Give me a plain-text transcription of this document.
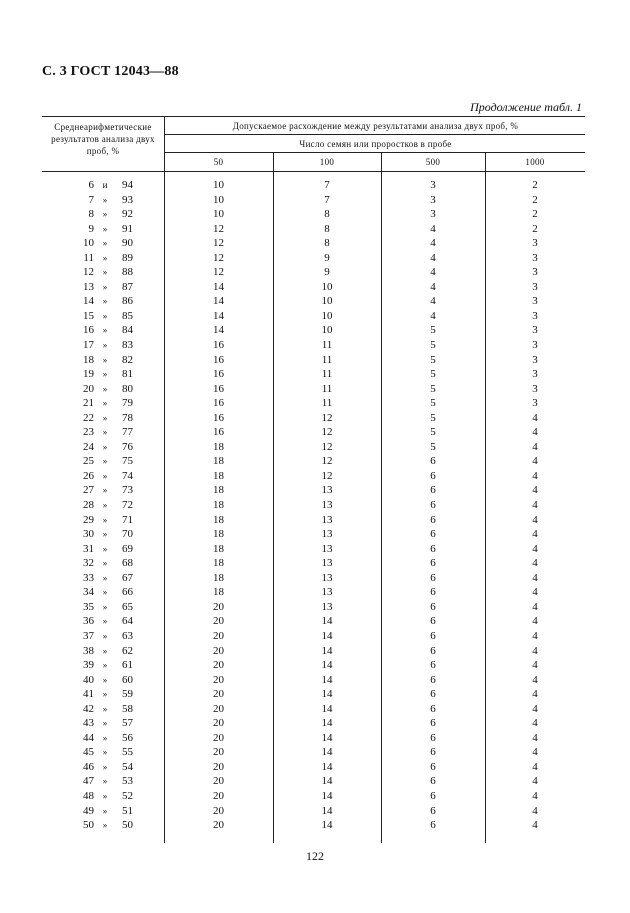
С. 3 ГОСТ 12043—88
Продолжение табл. 1
Среднеарифметические результатов анализа двух проб, %
Допускаемое расхождение между результатами анализа двух проб, %
Число семян или проростков в пробе
50	100	500	1000
6 и	94	10	7	3	2
7 »	93	10	7	3	2
8 »	92	10	8	3	2
9 »	91	12	8	4	2
10 »	90	12	8	4	3
11 »	89	12	9	4	3
12 »	88	12	9	4	3
13 »	87	14	10	4	3
14 »	86	14	10	4	3
15 »	85	14	10	4	3
16 »	84	14	10	5	3
17 »	83	16	11	5	3
18 »	82	16	11	5	3
19 »	81	16	11	5	3
20 »	80	16	11	5	3
21 »	79	16	11	5	3
22 »	78	16	12	5	4
23 »	77	16	12	5	4
24 »	76	18	12	5	4
25 »	75	18	12	6	4
26 »	74	18	12	6	4
27 »	73	18	13	6	4
28 »	72	18	13	6	4
29 »	71	18	13	6	4
30 »	70	18	13	6	4
31 »	69	18	13	6	4
32 »	68	18	13	6	4
33 »	67	18	13	6	4
34 »	66	18	13	6	4
35 »	65	20	13	6	4
36 »	64	20	14	6	4
37 »	63	20	14	6	4
38 »	62	20	14	6	4
39 »	61	20	14	6	4
40 »	60	20	14	6	4
41 »	59	20	14	6	4
42 »	58	20	14	6	4
43 »	57	20	14	6	4
44 »	56	20	14	6	4
45 »	55	20	14	6	4
46 »	54	20	14	6	4
47 »	53	20	14	6	4
48 »	52	20	14	6	4
49 »	51	20	14	6	4
50 »	50	20	14	6	4
122
